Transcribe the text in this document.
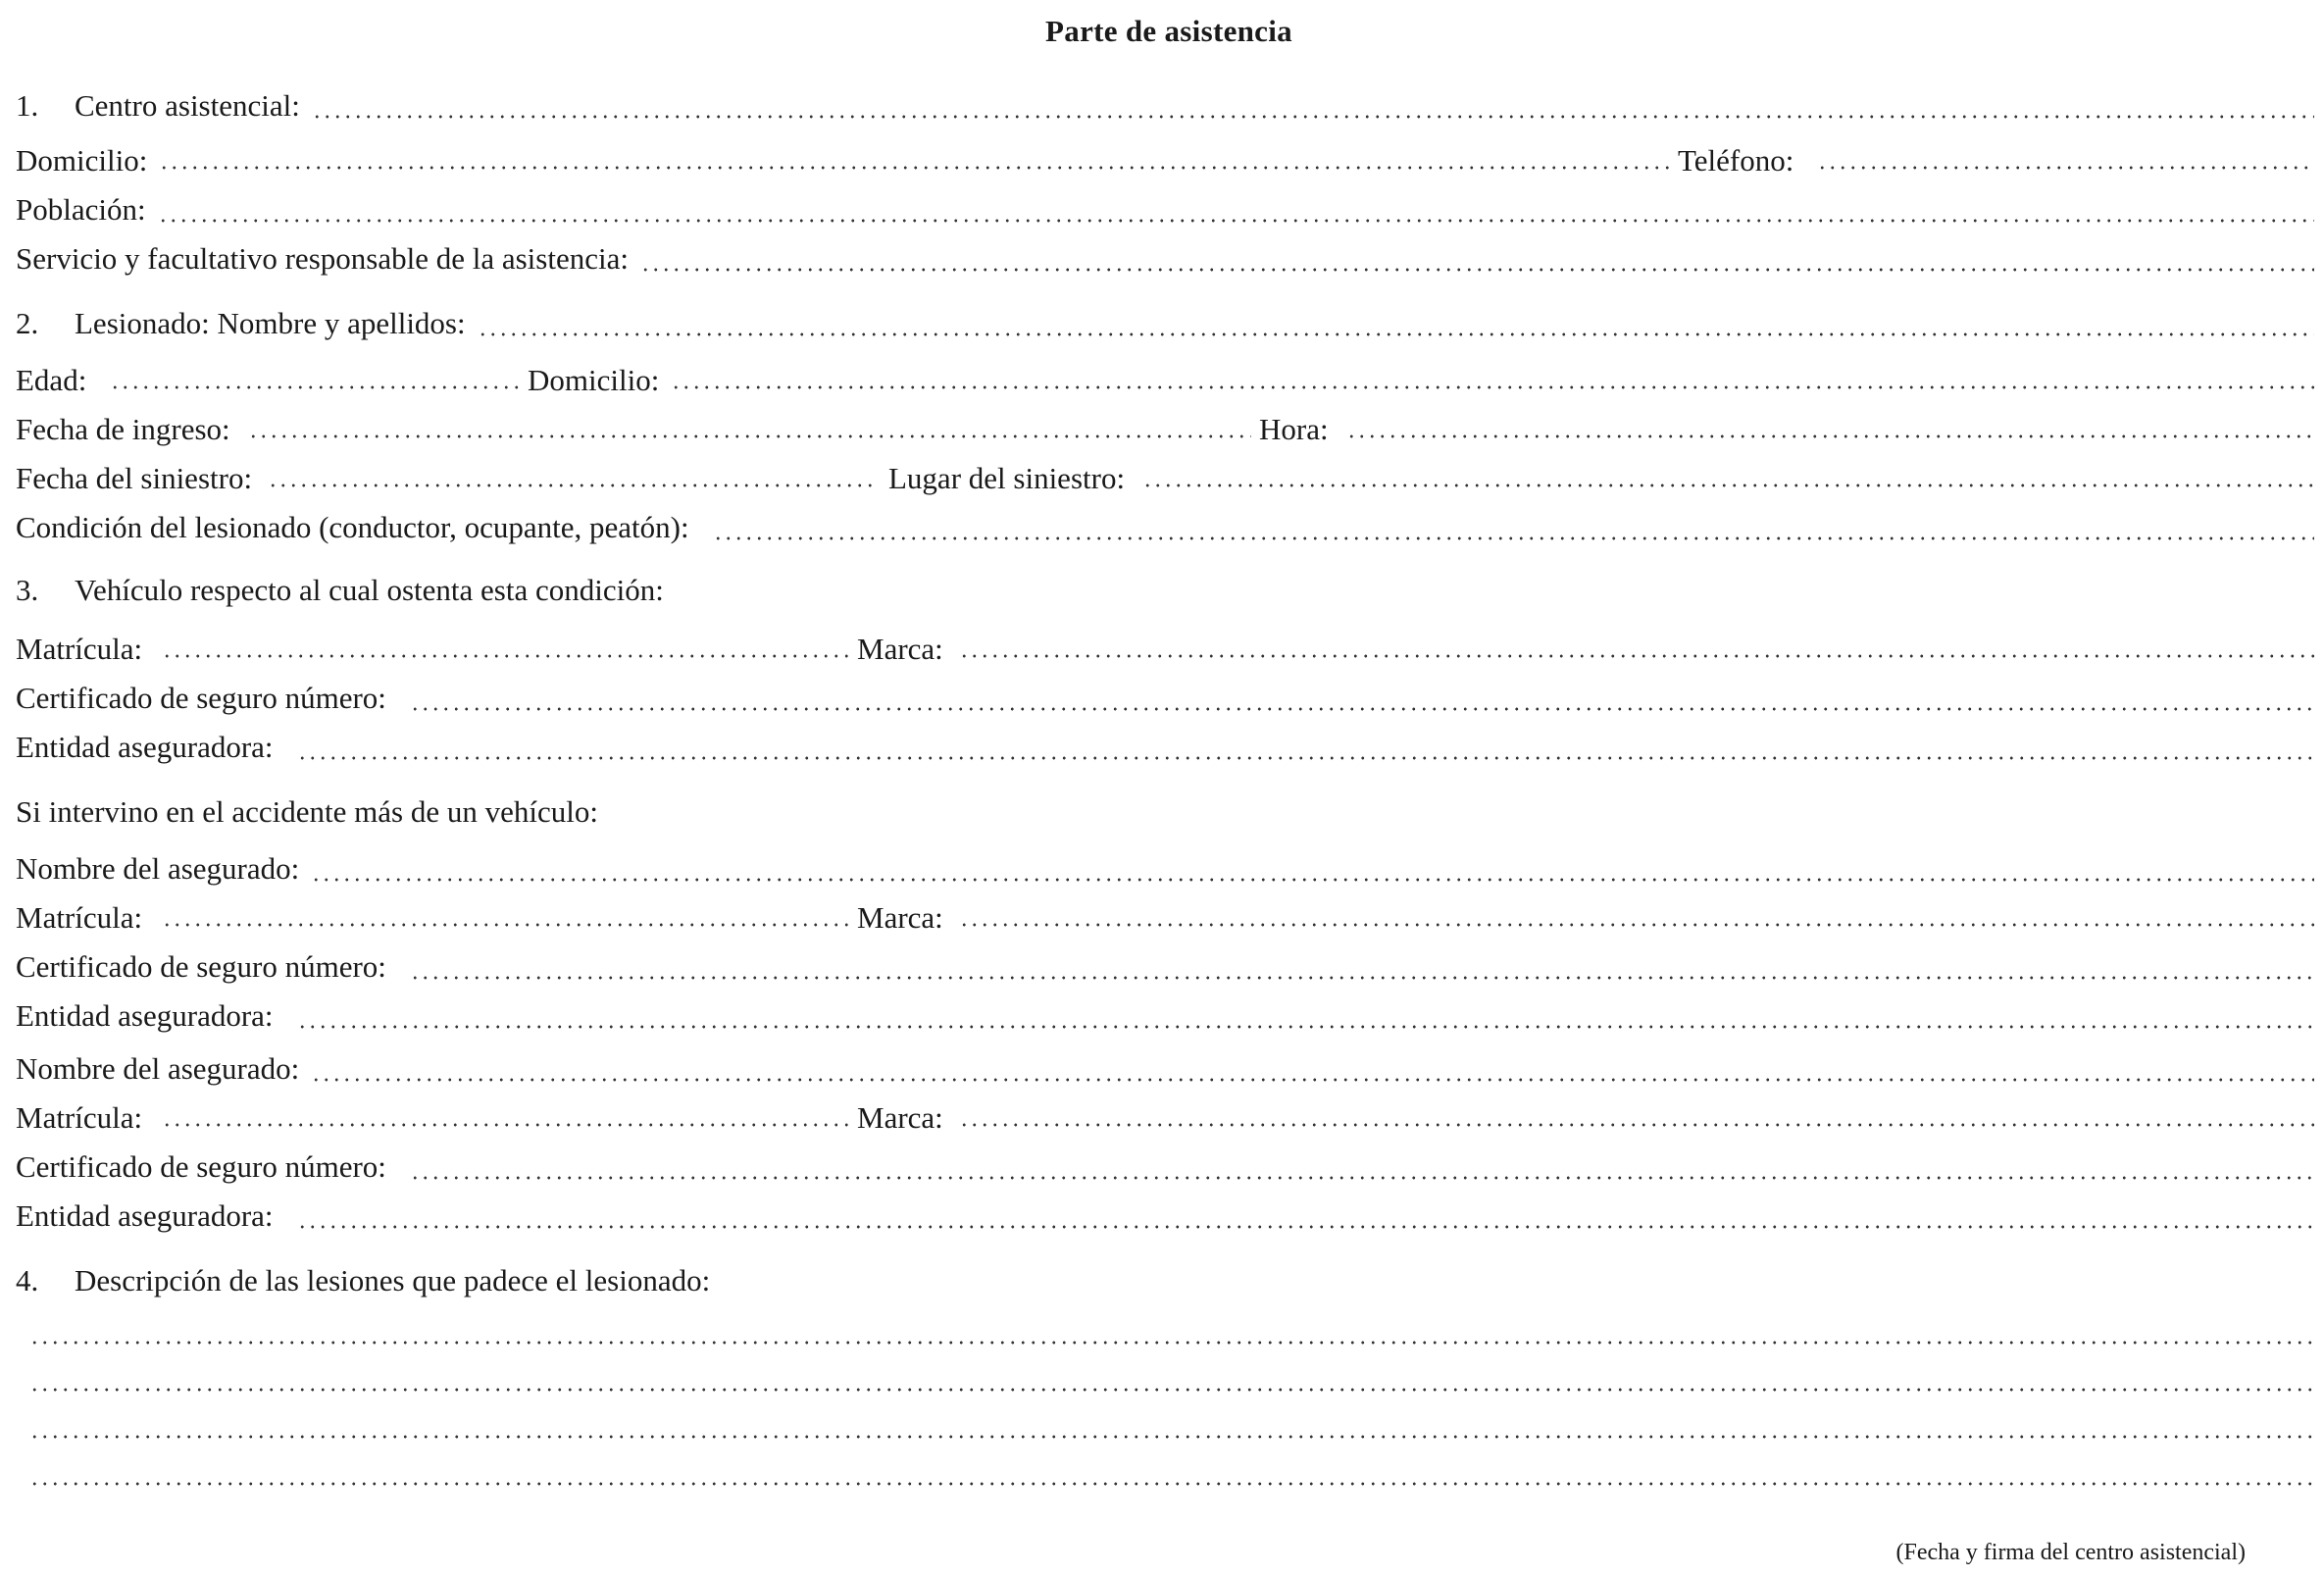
Parte de asistencia
1.	Centro asistencial:
Domicilio:	Teléfono:
Población:
Servicio y facultativo responsable de la asistencia:
2.	Lesionado: Nombre y apellidos:
Edad:	Domicilio:
Fecha de ingreso:	Hora:
Fecha del siniestro:	Lugar del siniestro:
Condición del lesionado (conductor, ocupante, peatón):
3.	Vehículo respecto al cual ostenta esta condición:
Matrícula:	Marca:
Certificado de seguro número:
Entidad aseguradora:
Si intervino en el accidente más de un vehículo:
Nombre del asegurado:
Matrícula:	Marca:
Certificado de seguro número:
Entidad aseguradora:
Nombre del asegurado:
Matrícula:	Marca:
Certificado de seguro número:
Entidad aseguradora:
4.	Descripción de las lesiones que padece el lesionado:
(Fecha y firma del centro asistencial)
